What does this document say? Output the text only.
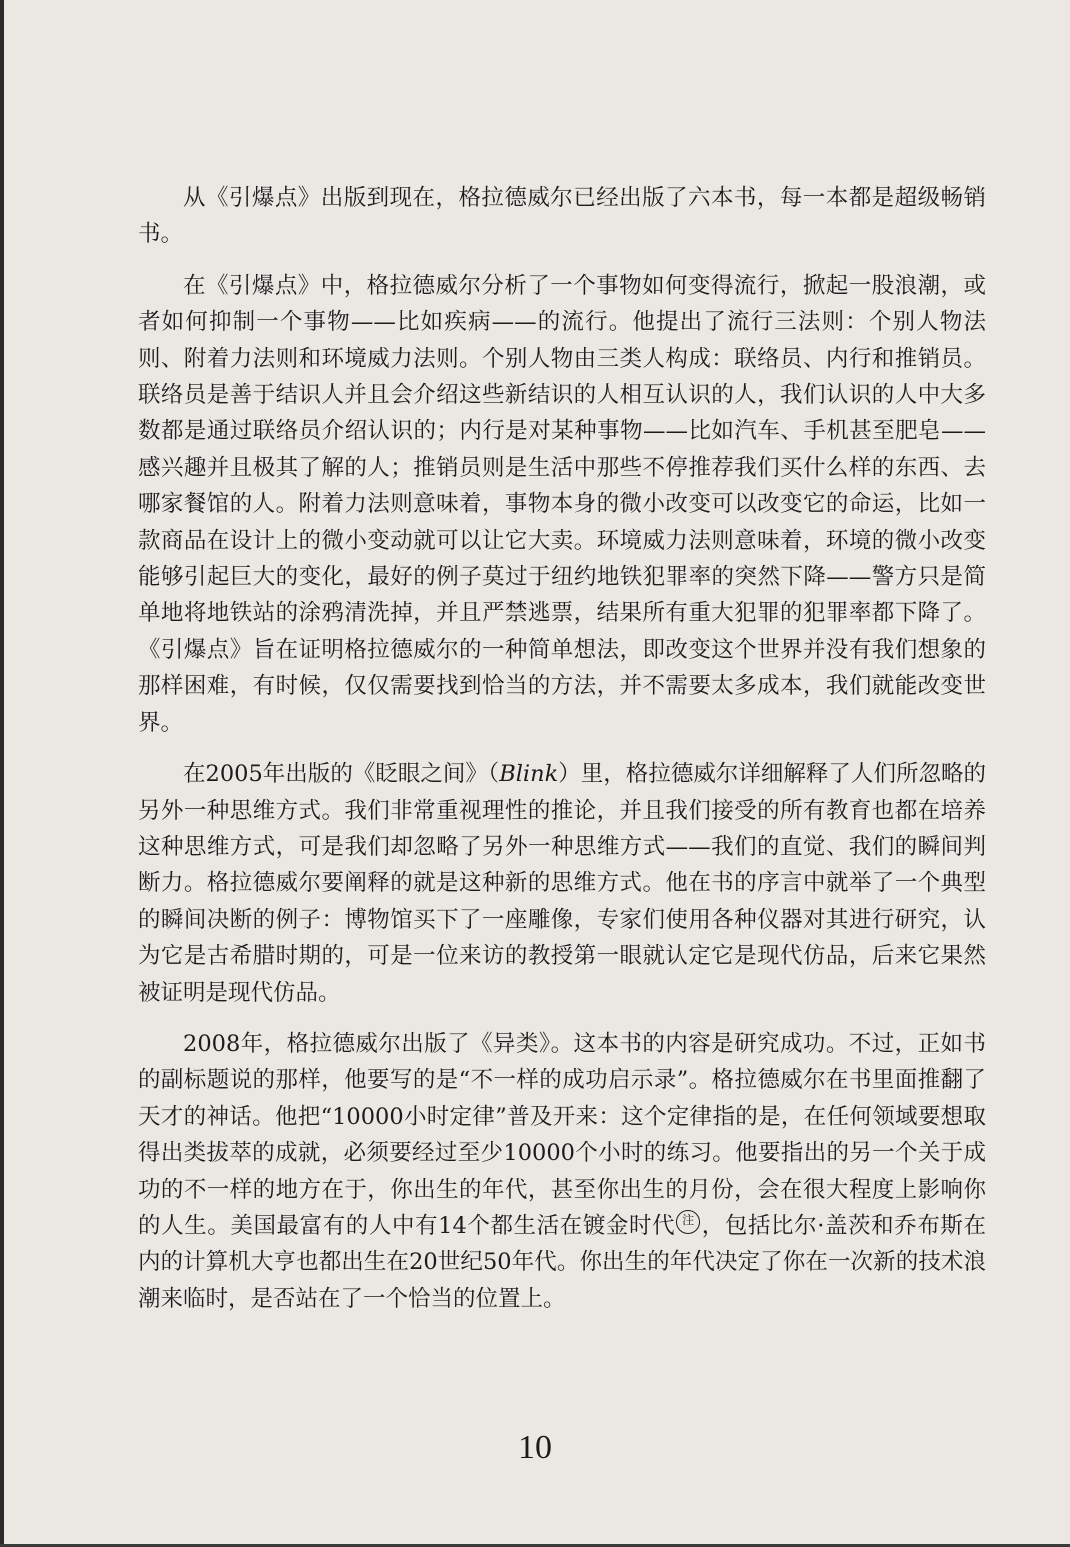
从《引爆点》出版到现在，格拉德威尔已经出版了六本书，每一本都是超级畅销书。

在《引爆点》中，格拉德威尔分析了一个事物如何变得流行，掀起一股浪潮，或者如何抑制一个事物——比如疾病——的流行。他提出了流行三法则：个别人物法则、附着力法则和环境威力法则。个别人物由三类人构成：联络员、内行和推销员。联络员是善于结识人并且会介绍这些新结识的人相互认识的人，我们认识的人中大多数都是通过联络员介绍认识的；内行是对某种事物——比如汽车、手机甚至肥皂——感兴趣并且极其了解的人；推销员则是生活中那些不停推荐我们买什么样的东西、去哪家餐馆的人。附着力法则意味着，事物本身的微小改变可以改变它的命运，比如一款商品在设计上的微小变动就可以让它大卖。环境威力法则意味着，环境的微小改变能够引起巨大的变化，最好的例子莫过于纽约地铁犯罪率的突然下降——警方只是简单地将地铁站的涂鸦清洗掉，并且严禁逃票，结果所有重大犯罪的犯罪率都下降了。《引爆点》旨在证明格拉德威尔的一种简单想法，即改变这个世界并没有我们想象的那样困难，有时候，仅仅需要找到恰当的方法，并不需要太多成本，我们就能改变世界。

在2005年出版的《眨眼之间》（Blink）里，格拉德威尔详细解释了人们所忽略的另外一种思维方式。我们非常重视理性的推论，并且我们接受的所有教育也都在培养这种思维方式，可是我们却忽略了另外一种思维方式——我们的直觉、我们的瞬间判断力。格拉德威尔要阐释的就是这种新的思维方式。他在书的序言中就举了一个典型的瞬间决断的例子：博物馆买下了一座雕像，专家们使用各种仪器对其进行研究，认为它是古希腊时期的，可是一位来访的教授第一眼就认定它是现代仿品，后来它果然被证明是现代仿品。

2008年，格拉德威尔出版了《异类》。这本书的内容是研究成功。不过，正如书的副标题说的那样，他要写的是“不一样的成功启示录”。格拉德威尔在书里面推翻了天才的神话。他把“10000小时定律”普及开来：这个定律指的是，在任何领域要想取得出类拔萃的成就，必须要经过至少10000个小时的练习。他要指出的另一个关于成功的不一样的地方在于，你出生的年代，甚至你出生的月份，会在很大程度上影响你的人生。美国最富有的人中有14个都生活在镀金时代 注 ，包括比尔·盖茨和乔布斯在内的计算机大亨也都出生在20世纪50年代。你出生的年代决定了你在一次新的技术浪潮来临时，是否站在了一个恰当的位置上。

10
